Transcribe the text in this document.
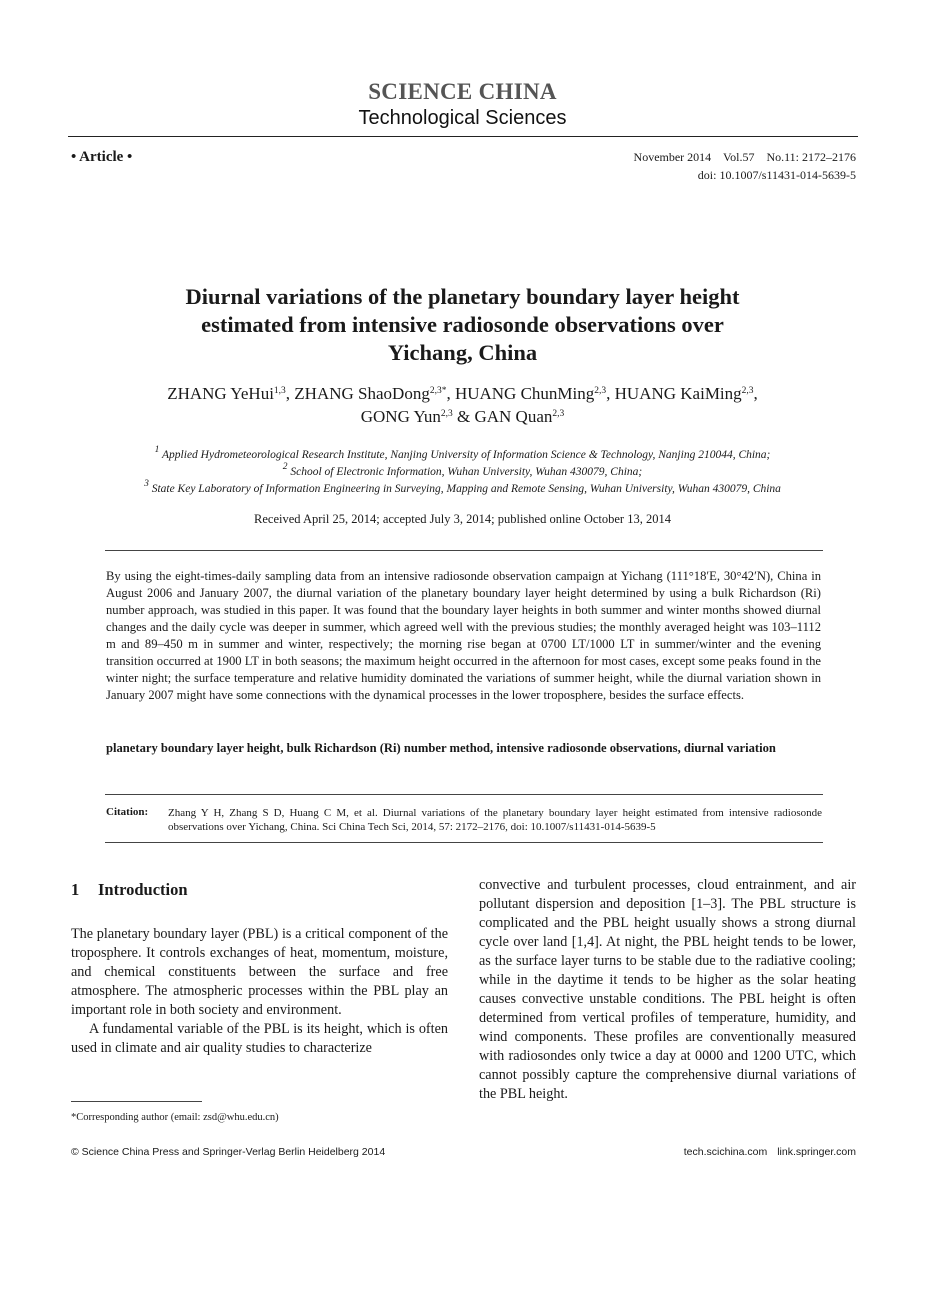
SCIENCE CHINA
Technological Sciences
• Article •	November 2014 Vol.57 No.11: 2172–2176
doi: 10.1007/s11431-014-5639-5
Diurnal variations of the planetary boundary layer height
estimated from intensive radiosonde observations over
Yichang, China
ZHANG YeHui$^{1,3}$, ZHANG ShaoDong$^{2,3*}$, HUANG ChunMing$^{2,3}$, HUANG KaiMing$^{2,3}$,
GONG Yun$^{2,3}$ & GAN Quan$^{2,3}$
$^1$ Applied Hydrometeorological Research Institute, Nanjing University of Information Science & Technology, Nanjing 210044, China;
$^2$ School of Electronic Information, Wuhan University, Wuhan 430079, China;
$^3$ State Key Laboratory of Information Engineering in Surveying, Mapping and Remote Sensing, Wuhan University, Wuhan 430079, China
Received April 25, 2014; accepted July 3, 2014; published online October 13, 2014
By using the eight-times-daily sampling data from an intensive radiosonde observation campaign at Yichang (111°18′E, 30°42′N), China in August 2006 and January 2007, the diurnal variation of the planetary boundary layer height determined by using a bulk Richardson (Ri) number approach, was studied in this paper. It was found that the boundary layer heights in both summer and winter months showed diurnal changes and the daily cycle was deeper in summer, which agreed well with the previous studies; the monthly averaged height was 103–1112 m and 89–450 m in summer and winter, respectively; the morning rise began at 0700 LT/1000 LT in summer/winter and the evening transition occurred at 1900 LT in both seasons; the maximum height occurred in the afternoon for most cases, except some peaks found in the winter night; the surface temperature and relative humidity dominated the variations of summer height, while the diurnal variation shown in January 2007 might have some connections with the dynamical processes in the lower troposphere, besides the surface effects.
planetary boundary layer height, bulk Richardson (Ri) number method, intensive radiosonde observations, diurnal variation
Citation: Zhang Y H, Zhang S D, Huang C M, et al. Diurnal variations of the planetary boundary layer height estimated from intensive radiosonde observations over Yichang, China. Sci China Tech Sci, 2014, 57: 2172–2176, doi: 10.1007/s11431-014-5639-5
1 Introduction

The planetary boundary layer (PBL) is a critical component of the troposphere. It controls exchanges of heat, momentum, moisture, and chemical constituents between the surface and free atmosphere. The atmospheric processes within the PBL play an important role in both society and environment.

A fundamental variable of the PBL is its height, which is often used in climate and air quality studies to characterize

convective and turbulent processes, cloud entrainment, and air pollutant dispersion and deposition [1–3]. The PBL structure is complicated and the PBL height usually shows a strong diurnal cycle over land [1,4]. At night, the PBL height tends to be lower, as the surface layer turns to be stable due to the radiative cooling; while in the daytime it tends to be higher as the solar heating causes convective unstable conditions. The PBL height is often determined from vertical profiles of temperature, humidity, and wind components. These profiles are conventionally measured with radiosondes only twice a day at 0000 and 1200 UTC, which cannot possibly capture the comprehensive diurnal variations of the PBL height.

*Corresponding author (email: zsd@whu.edu.cn)
© Science China Press and Springer-Verlag Berlin Heidelberg 2014	tech.scichina.com link.springer.com
